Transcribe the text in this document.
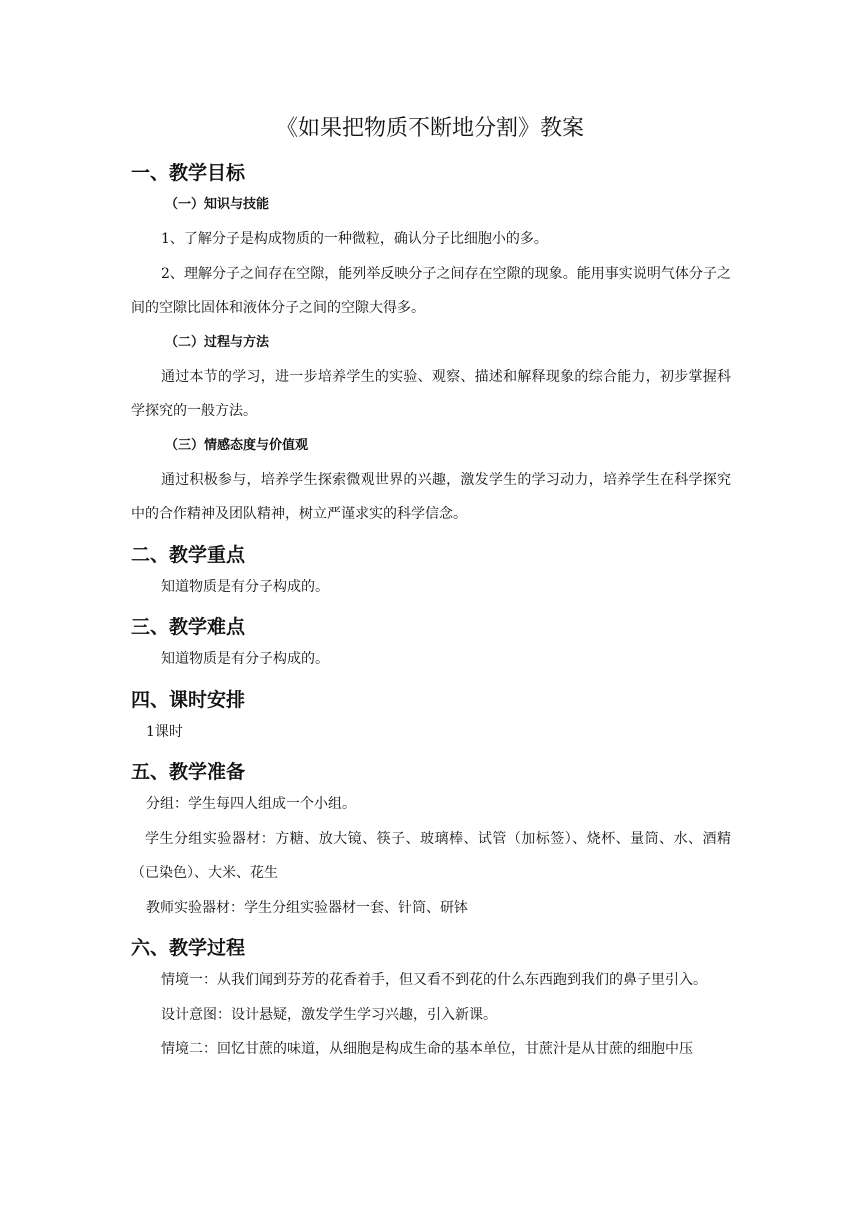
《如果把物质不断地分割》教案
一、教学目标
（一）知识与技能

1、了解分子是构成物质的一种微粒，确认分子比细胞小的多。

2、理解分子之间存在空隙，能列举反映分子之间存在空隙的现象。能用事实说明气体分子之间的空隙比固体和液体分子之间的空隙大得多。

（二）过程与方法

通过本节的学习，进一步培养学生的实验、观察、描述和解释现象的综合能力，初步掌握科学探究的一般方法。

（三）情感态度与价值观

通过积极参与，培养学生探索微观世界的兴趣，激发学生的学习动力，培养学生在科学探究中的合作精神及团队精神，树立严谨求实的科学信念。

二、教学重点

知道物质是有分子构成的。

三、教学难点

知道物质是有分子构成的。

四、课时安排

1课时

五、教学准备

分组：学生每四人组成一个小组。

学生分组实验器材：方糖、放大镜、筷子、玻璃棒、试管（加标签）、烧杯、量筒、水、酒精（已染色）、大米、花生

教师实验器材：学生分组实验器材一套、针筒、研钵

六、教学过程

情境一：从我们闻到芬芳的花香着手，但又看不到花的什么东西跑到我们的鼻子里引入。

设计意图：设计悬疑，激发学生学习兴趣，引入新课。

情境二：回忆甘蔗的味道，从细胞是构成生命的基本单位，甘蔗汁是从甘蔗的细胞中压
